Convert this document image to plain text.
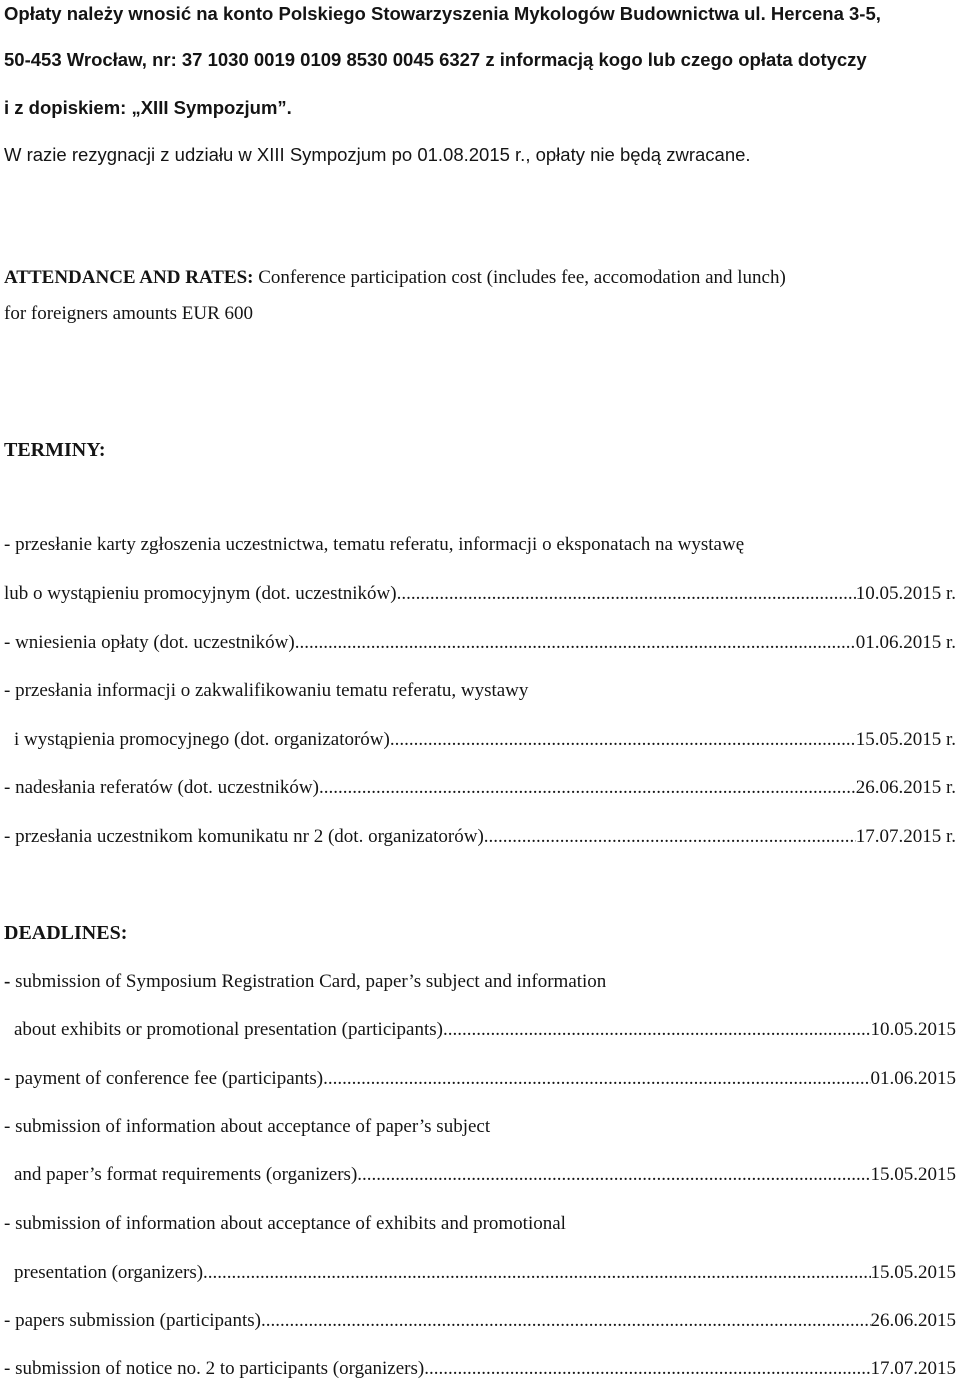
Opłaty należy wnosić na konto Polskiego Stowarzyszenia Mykologów Budownictwa ul. Hercena 3-5,
50-453 Wrocław, nr: 37 1030 0019 0109 8530 0045 6327 z informacją kogo lub czego opłata dotyczy
i z dopiskiem: „XIII Sympozjum”.
W razie rezygnacji z udziału w XIII Sympozjum po 01.08.2015 r., opłaty nie będą zwracane.
ATTENDANCE AND RATES: Conference participation cost (includes fee, accomodation and lunch)
for foreigners amounts EUR 600
TERMINY:
- przesłanie karty zgłoszenia uczestnictwa, tematu referatu, informacji o eksponatach na wystawę
lub o wystąpieniu promocyjnym (dot. uczestników) .....	10.05.2015 r.
- wniesienia opłaty (dot. uczestników) .....	01.06.2015 r.
- przesłania informacji o zakwalifikowaniu tematu referatu, wystawy
i wystąpienia promocyjnego (dot. organizatorów) .....	15.05.2015 r.
- nadesłania referatów (dot. uczestników) .....	26.06.2015 r.
- przesłania uczestnikom komunikatu nr 2 (dot. organizatorów) .....	17.07.2015 r.
DEADLINES:
- submission of Symposium Registration Card, paper’s subject and information
about exhibits or promotional presentation (participants) .....	10.05.2015
- payment of conference fee (participants) .....	01.06.2015
- submission of information about acceptance of paper’s subject
and paper’s format requirements (organizers) .....	15.05.2015
- submission of information about acceptance of exhibits and promotional
presentation (organizers) .....	15.05.2015
- papers submission (participants) .....	26.06.2015
- submission of notice no. 2 to participants (organizers) .....	17.07.2015
